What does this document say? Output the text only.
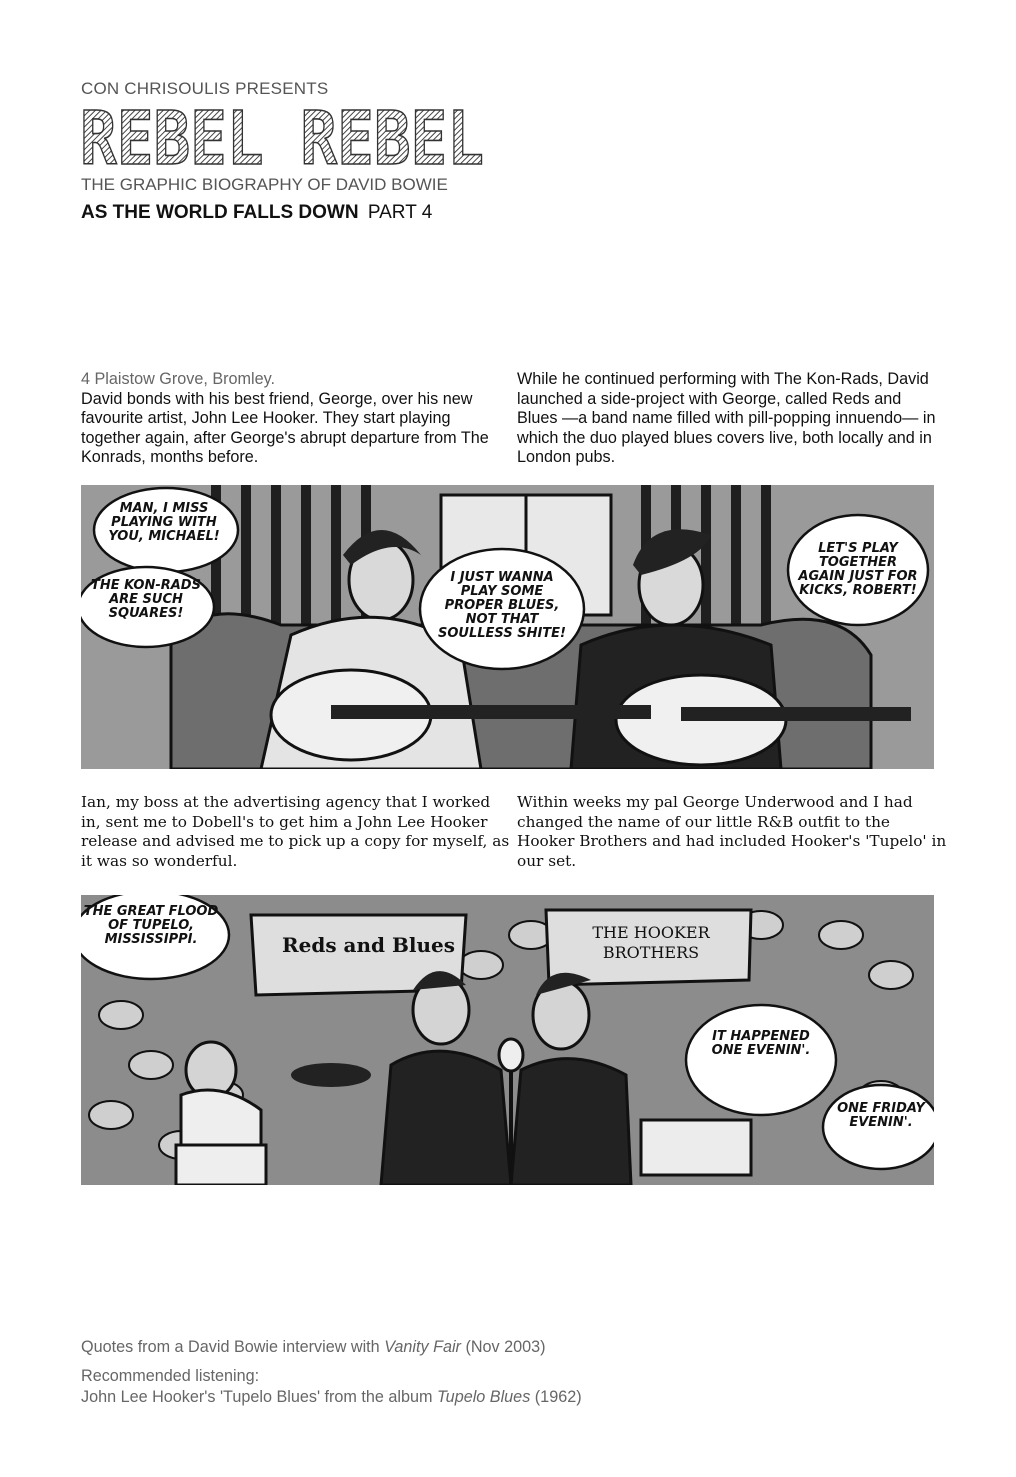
CON CHRISOULIS PRESENTS
REBEL REBEL
THE GRAPHIC BIOGRAPHY OF DAVID BOWIE
AS THE WORLD FALLS DOWN PART 4
4 Plaistow Grove, Bromley.
David bonds with his best friend, George, over his new favourite artist, John Lee Hooker. They start playing together again, after George's abrupt departure from The Konrads, months before.
While he continued performing with The Kon-Rads, David launched a side-project with George, called Reds and Blues —a band name filled with pill-popping innuendo— in which the duo played blues covers live, both locally and in London pubs.
MAN, I MISS PLAYING WITH YOU, MICHAEL!
THE KON-RADS ARE SUCH SQUARES!
I JUST WANNA PLAY SOME PROPER BLUES, NOT THAT SOULLESS SHITE!
LET'S PLAY TOGETHER AGAIN JUST FOR KICKS, ROBERT!
Ian, my boss at the advertising agency that I worked in, sent me to Dobell's to get him a John Lee Hooker release and advised me to pick up a copy for myself, as it was so wonderful.
Within weeks my pal George Underwood and I had changed the name of our little R&B outfit to the Hooker Brothers and had included Hooker's 'Tupelo' in our set.
Reds and Blues
THE HOOKER BROTHERS
THE GREAT FLOOD OF TUPELO, MISSISSIPPI.
IT HAPPENED ONE EVENIN'.
ONE FRIDAY EVENIN'.
Quotes from a David Bowie interview with Vanity Fair (Nov 2003)
Recommended listening:
John Lee Hooker's 'Tupelo Blues' from the album Tupelo Blues (1962)
